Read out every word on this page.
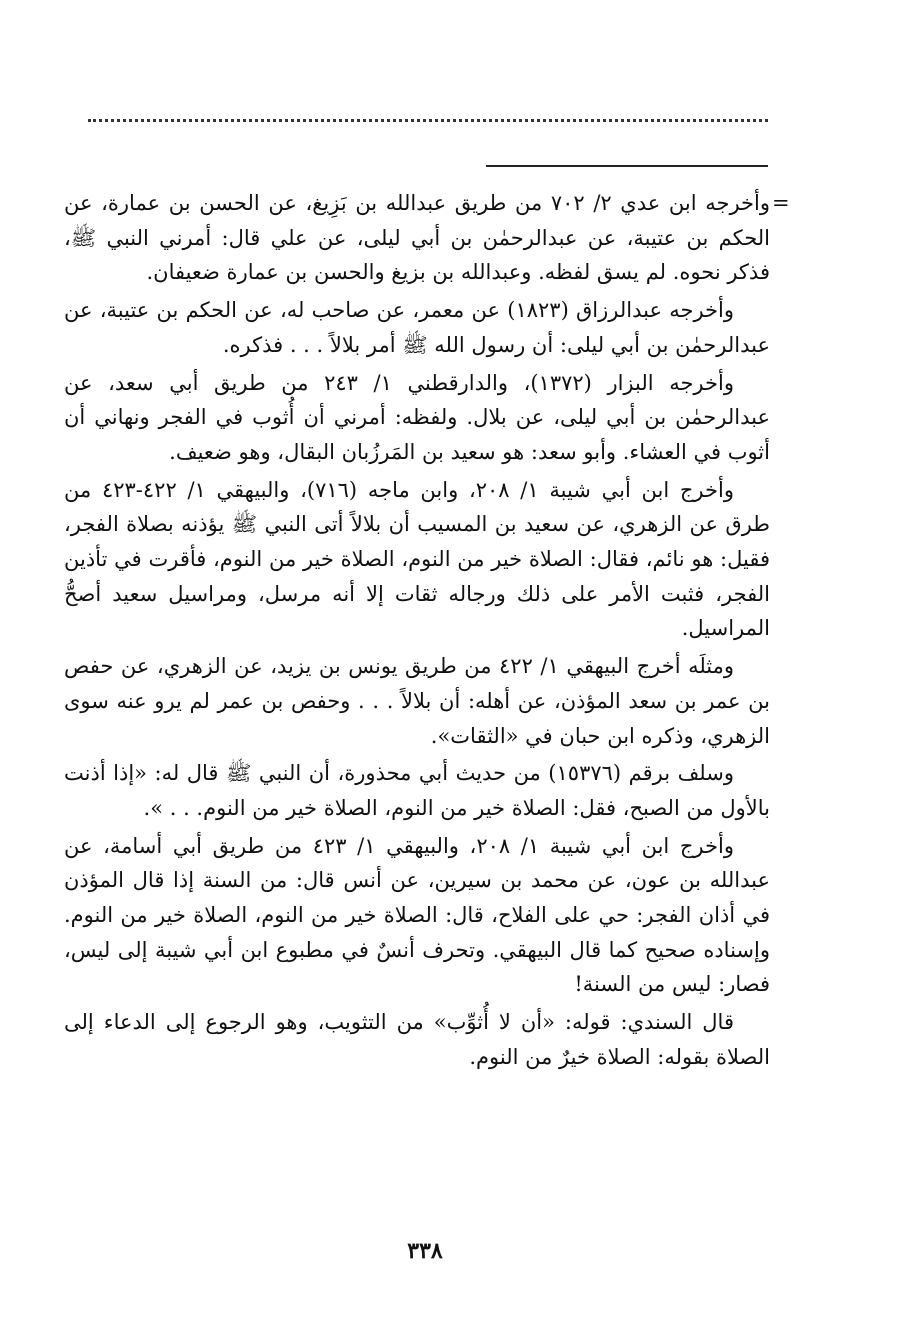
=

وأخرجه ابن عدي ٢/ ٧٠٢ من طريق عبدالله بن بَزِيغ، عن الحسن بن عمارة، عن الحكم بن عتيبة، عن عبدالرحمٰن بن أبي ليلى، عن علي قال: أمرني النبي ﷺ، فذكر نحوه. لم يسق لفظه. وعبدالله بن بزيغ والحسن بن عمارة ضعيفان.

وأخرجه عبدالرزاق (١٨٢٣) عن معمر، عن صاحب له، عن الحكم بن عتيبة، عن عبدالرحمٰن بن أبي ليلى: أن رسول الله ﷺ أمر بلالاً . . . فذكره.

وأخرجه البزار (١٣٧٢)، والدارقطني ١/ ٢٤٣ من طريق أبي سعد، عن عبدالرحمٰن بن أبي ليلى، عن بلال. ولفظه: أمرني أن أُثوب في الفجر ونهاني أن أثوب في العشاء. وأبو سعد: هو سعيد بن المَرزُبان البقال، وهو ضعيف.

وأخرج ابن أبي شيبة ١/ ٢٠٨، وابن ماجه (٧١٦)، والبيهقي ١/ ٤٢٢-٤٢٣ من طرق عن الزهري، عن سعيد بن المسيب أن بلالاً أتى النبي ﷺ يؤذنه بصلاة الفجر، فقيل: هو نائم، فقال: الصلاة خير من النوم، الصلاة خير من النوم، فأقرت في تأذين الفجر، فثبت الأمر على ذلك ورجاله ثقات إلا أنه مرسل، ومراسيل سعيد أصحُّ المراسيل.

ومثلَه أخرج البيهقي ١/ ٤٢٢ من طريق يونس بن يزيد، عن الزهري، عن حفص بن عمر بن سعد المؤذن، عن أهله: أن بلالاً . . . وحفص بن عمر لم يرو عنه سوى الزهري، وذكره ابن حبان في «الثقات».

وسلف برقم (١٥٣٧٦) من حديث أبي محذورة، أن النبي ﷺ قال له: «إذا أذنت بالأول من الصبح، فقل: الصلاة خير من النوم، الصلاة خير من النوم. . . ».

وأخرج ابن أبي شيبة ١/ ٢٠٨، والبيهقي ١/ ٤٢٣ من طريق أبي أسامة، عن عبدالله بن عون، عن محمد بن سيرين، عن أنس قال: من السنة إذا قال المؤذن في أذان الفجر: حي على الفلاح، قال: الصلاة خير من النوم، الصلاة خير من النوم. وإسناده صحيح كما قال البيهقي. وتحرف أنسٌ في مطبوع ابن أبي شيبة إلى ليس، فصار: ليس من السنة!

قال السندي: قوله: «أن لا أُثوِّب» من التثويب، وهو الرجوع إلى الدعاء إلى الصلاة بقوله: الصلاة خيرٌ من النوم.

٣٣٨
